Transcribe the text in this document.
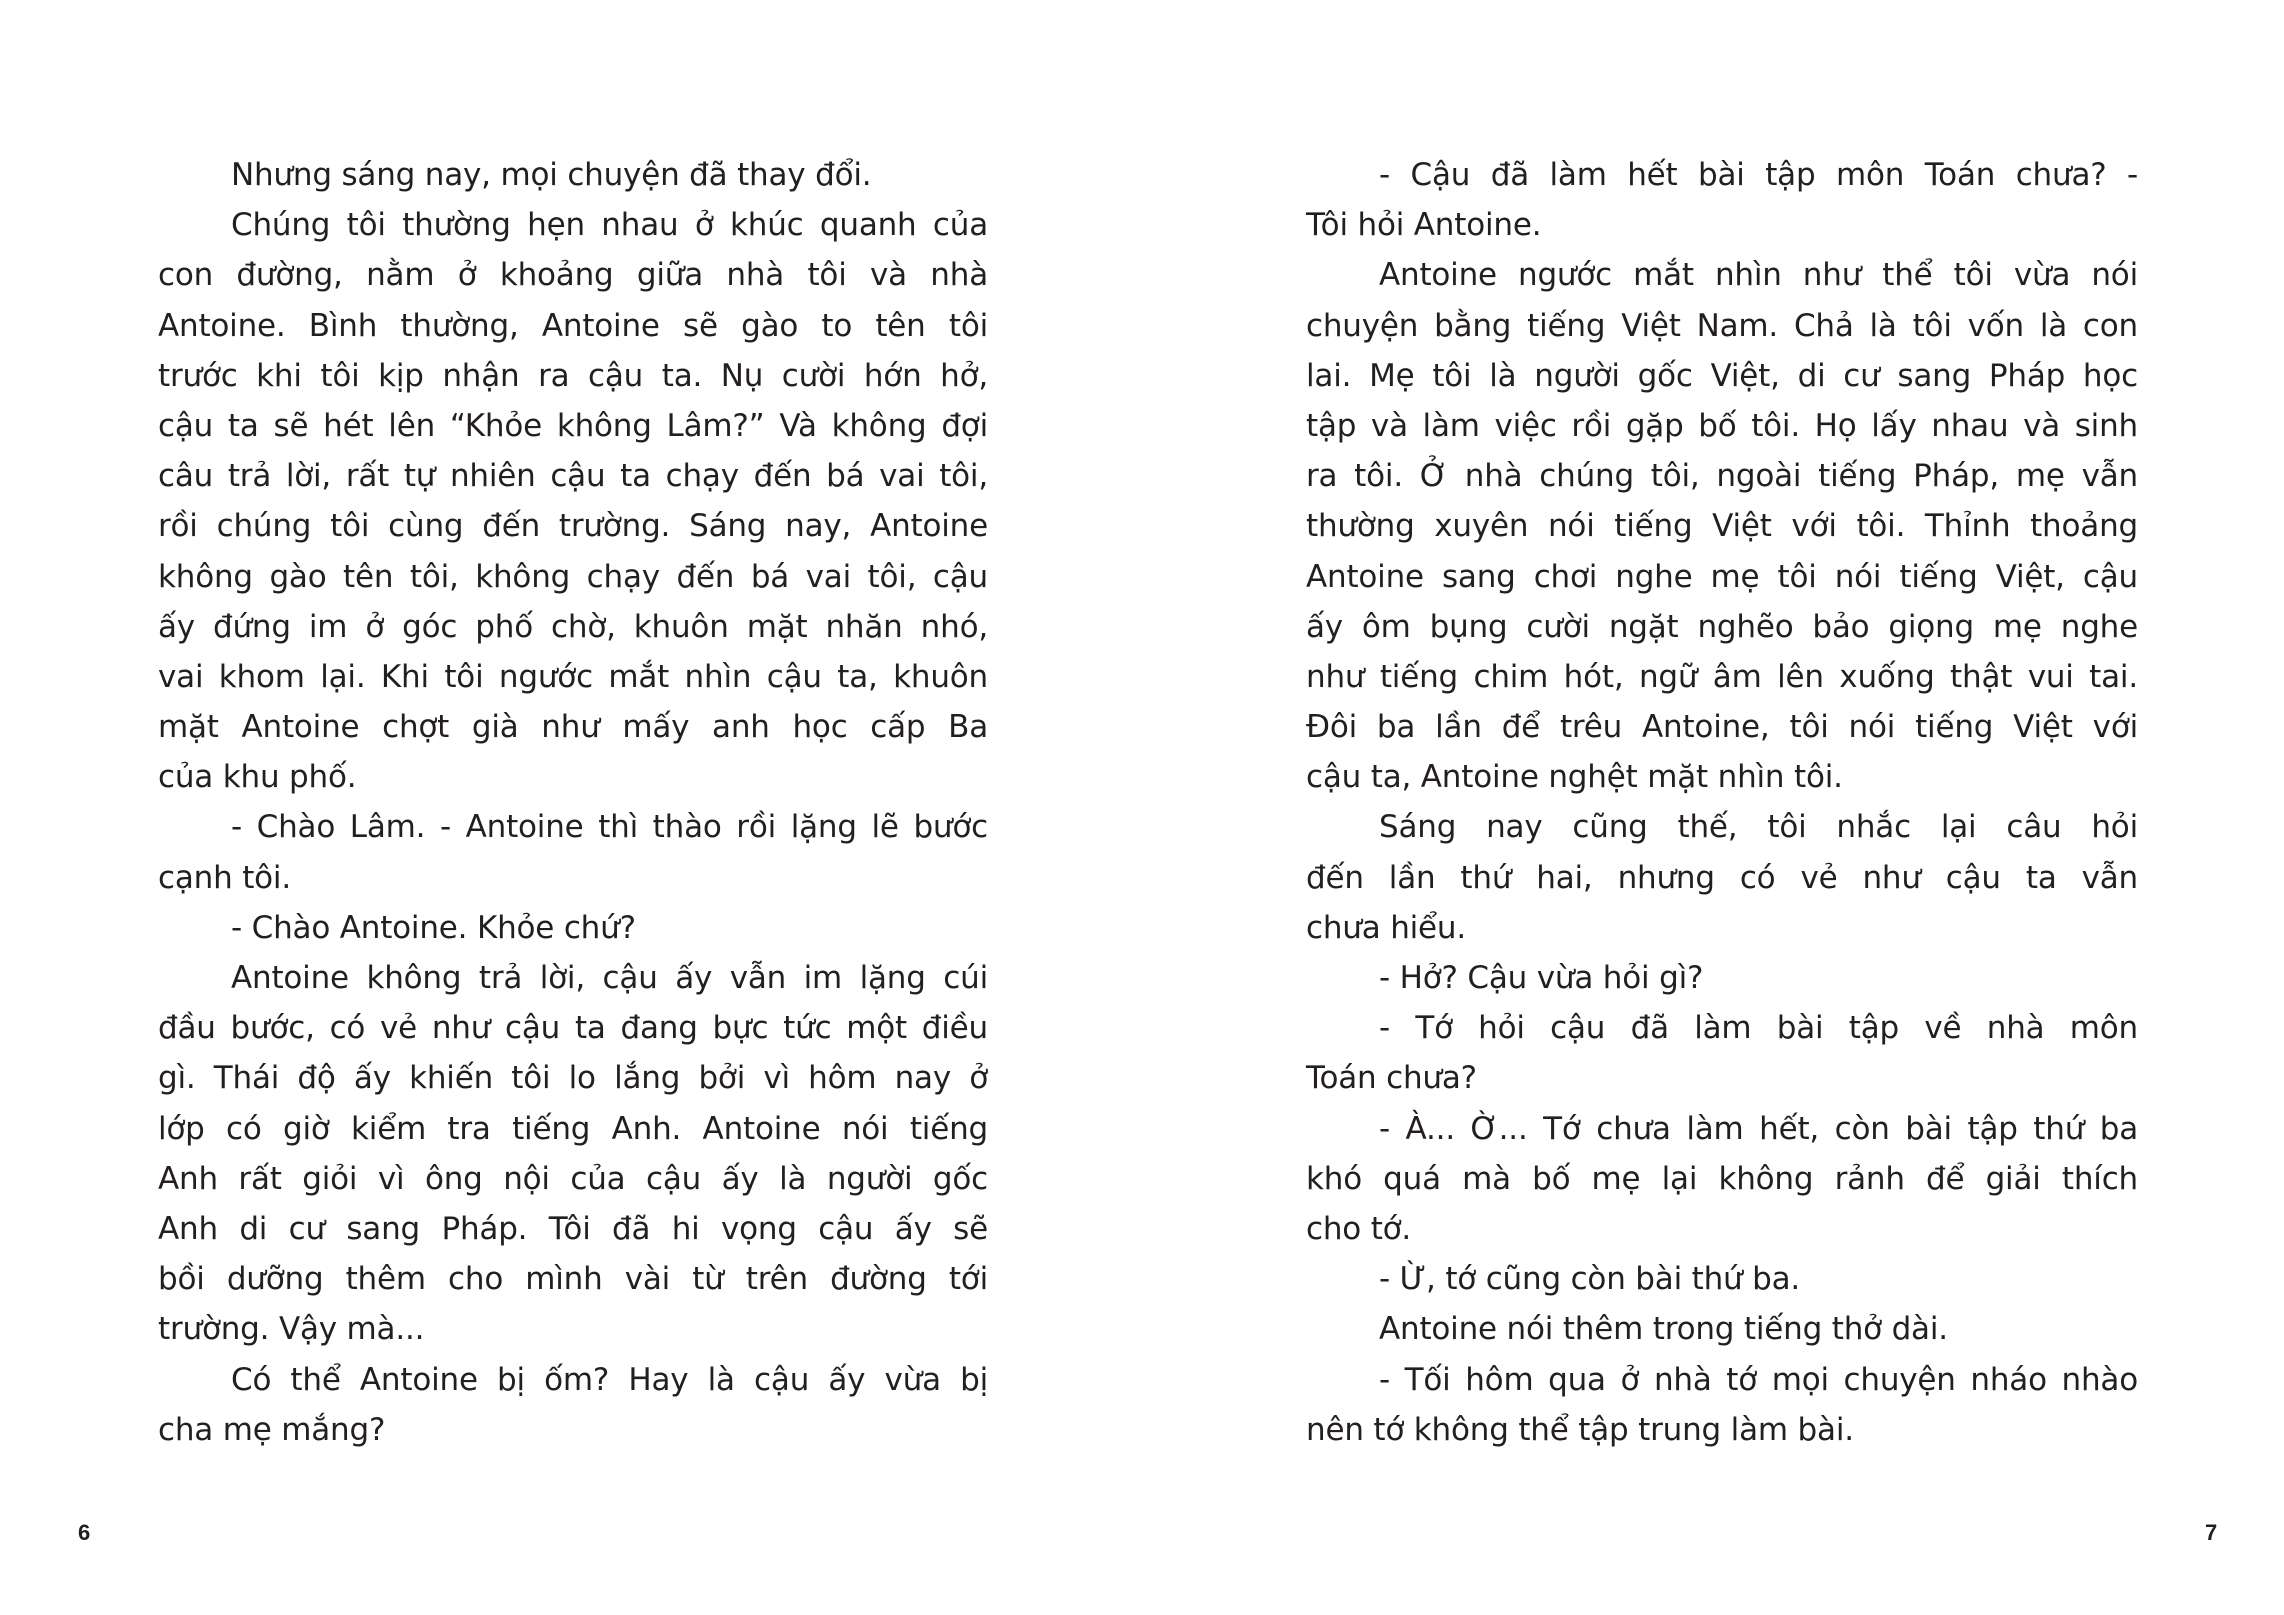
Nhưng sáng nay, mọi chuyện đã thay đổi.
Chúng tôi thường hẹn nhau ở khúc quanh của
con đường, nằm ở khoảng giữa nhà tôi và nhà
Antoine. Bình thường, Antoine sẽ gào to tên tôi
trước khi tôi kịp nhận ra cậu ta. Nụ cười hớn hở,
cậu ta sẽ hét lên “Khỏe không Lâm?” Và không đợi
câu trả lời, rất tự nhiên cậu ta chạy đến bá vai tôi,
rồi chúng tôi cùng đến trường. Sáng nay, Antoine
không gào tên tôi, không chạy đến bá vai tôi, cậu
ấy đứng im ở góc phố chờ, khuôn mặt nhăn nhó,
vai khom lại. Khi tôi ngước mắt nhìn cậu ta, khuôn
mặt Antoine chợt già như mấy anh học cấp Ba
của khu phố.
- Chào Lâm. - Antoine thì thào rồi lặng lẽ bước
cạnh tôi.
- Chào Antoine. Khỏe chứ?
Antoine không trả lời, cậu ấy vẫn im lặng cúi
đầu bước, có vẻ như cậu ta đang bực tức một điều
gì. Thái độ ấy khiến tôi lo lắng bởi vì hôm nay ở
lớp có giờ kiểm tra tiếng Anh. Antoine nói tiếng
Anh rất giỏi vì ông nội của cậu ấy là người gốc
Anh di cư sang Pháp. Tôi đã hi vọng cậu ấy sẽ
bồi dưỡng thêm cho mình vài từ trên đường tới
trường. Vậy mà...
Có thể Antoine bị ốm? Hay là cậu ấy vừa bị
cha mẹ mắng?
- Cậu đã làm hết bài tập môn Toán chưa? -
Tôi hỏi Antoine.
Antoine ngước mắt nhìn như thể tôi vừa nói
chuyện bằng tiếng Việt Nam. Chả là tôi vốn là con
lai. Mẹ tôi là người gốc Việt, di cư sang Pháp học
tập và làm việc rồi gặp bố tôi. Họ lấy nhau và sinh
ra tôi. Ở nhà chúng tôi, ngoài tiếng Pháp, mẹ vẫn
thường xuyên nói tiếng Việt với tôi. Thỉnh thoảng
Antoine sang chơi nghe mẹ tôi nói tiếng Việt, cậu
ấy ôm bụng cười ngặt nghẽo bảo giọng mẹ nghe
như tiếng chim hót, ngữ âm lên xuống thật vui tai.
Đôi ba lần để trêu Antoine, tôi nói tiếng Việt với
cậu ta, Antoine nghệt mặt nhìn tôi.
Sáng nay cũng thế, tôi nhắc lại câu hỏi
đến lần thứ hai, nhưng có vẻ như cậu ta vẫn
chưa hiểu.
- Hở? Cậu vừa hỏi gì?
- Tớ hỏi cậu đã làm bài tập về nhà môn
Toán chưa?
- À... Ờ... Tớ chưa làm hết, còn bài tập thứ ba
khó quá mà bố mẹ lại không rảnh để giải thích
cho tớ.
- Ừ, tớ cũng còn bài thứ ba.
Antoine nói thêm trong tiếng thở dài.
- Tối hôm qua ở nhà tớ mọi chuyện nháo nhào
nên tớ không thể tập trung làm bài.
6	7
